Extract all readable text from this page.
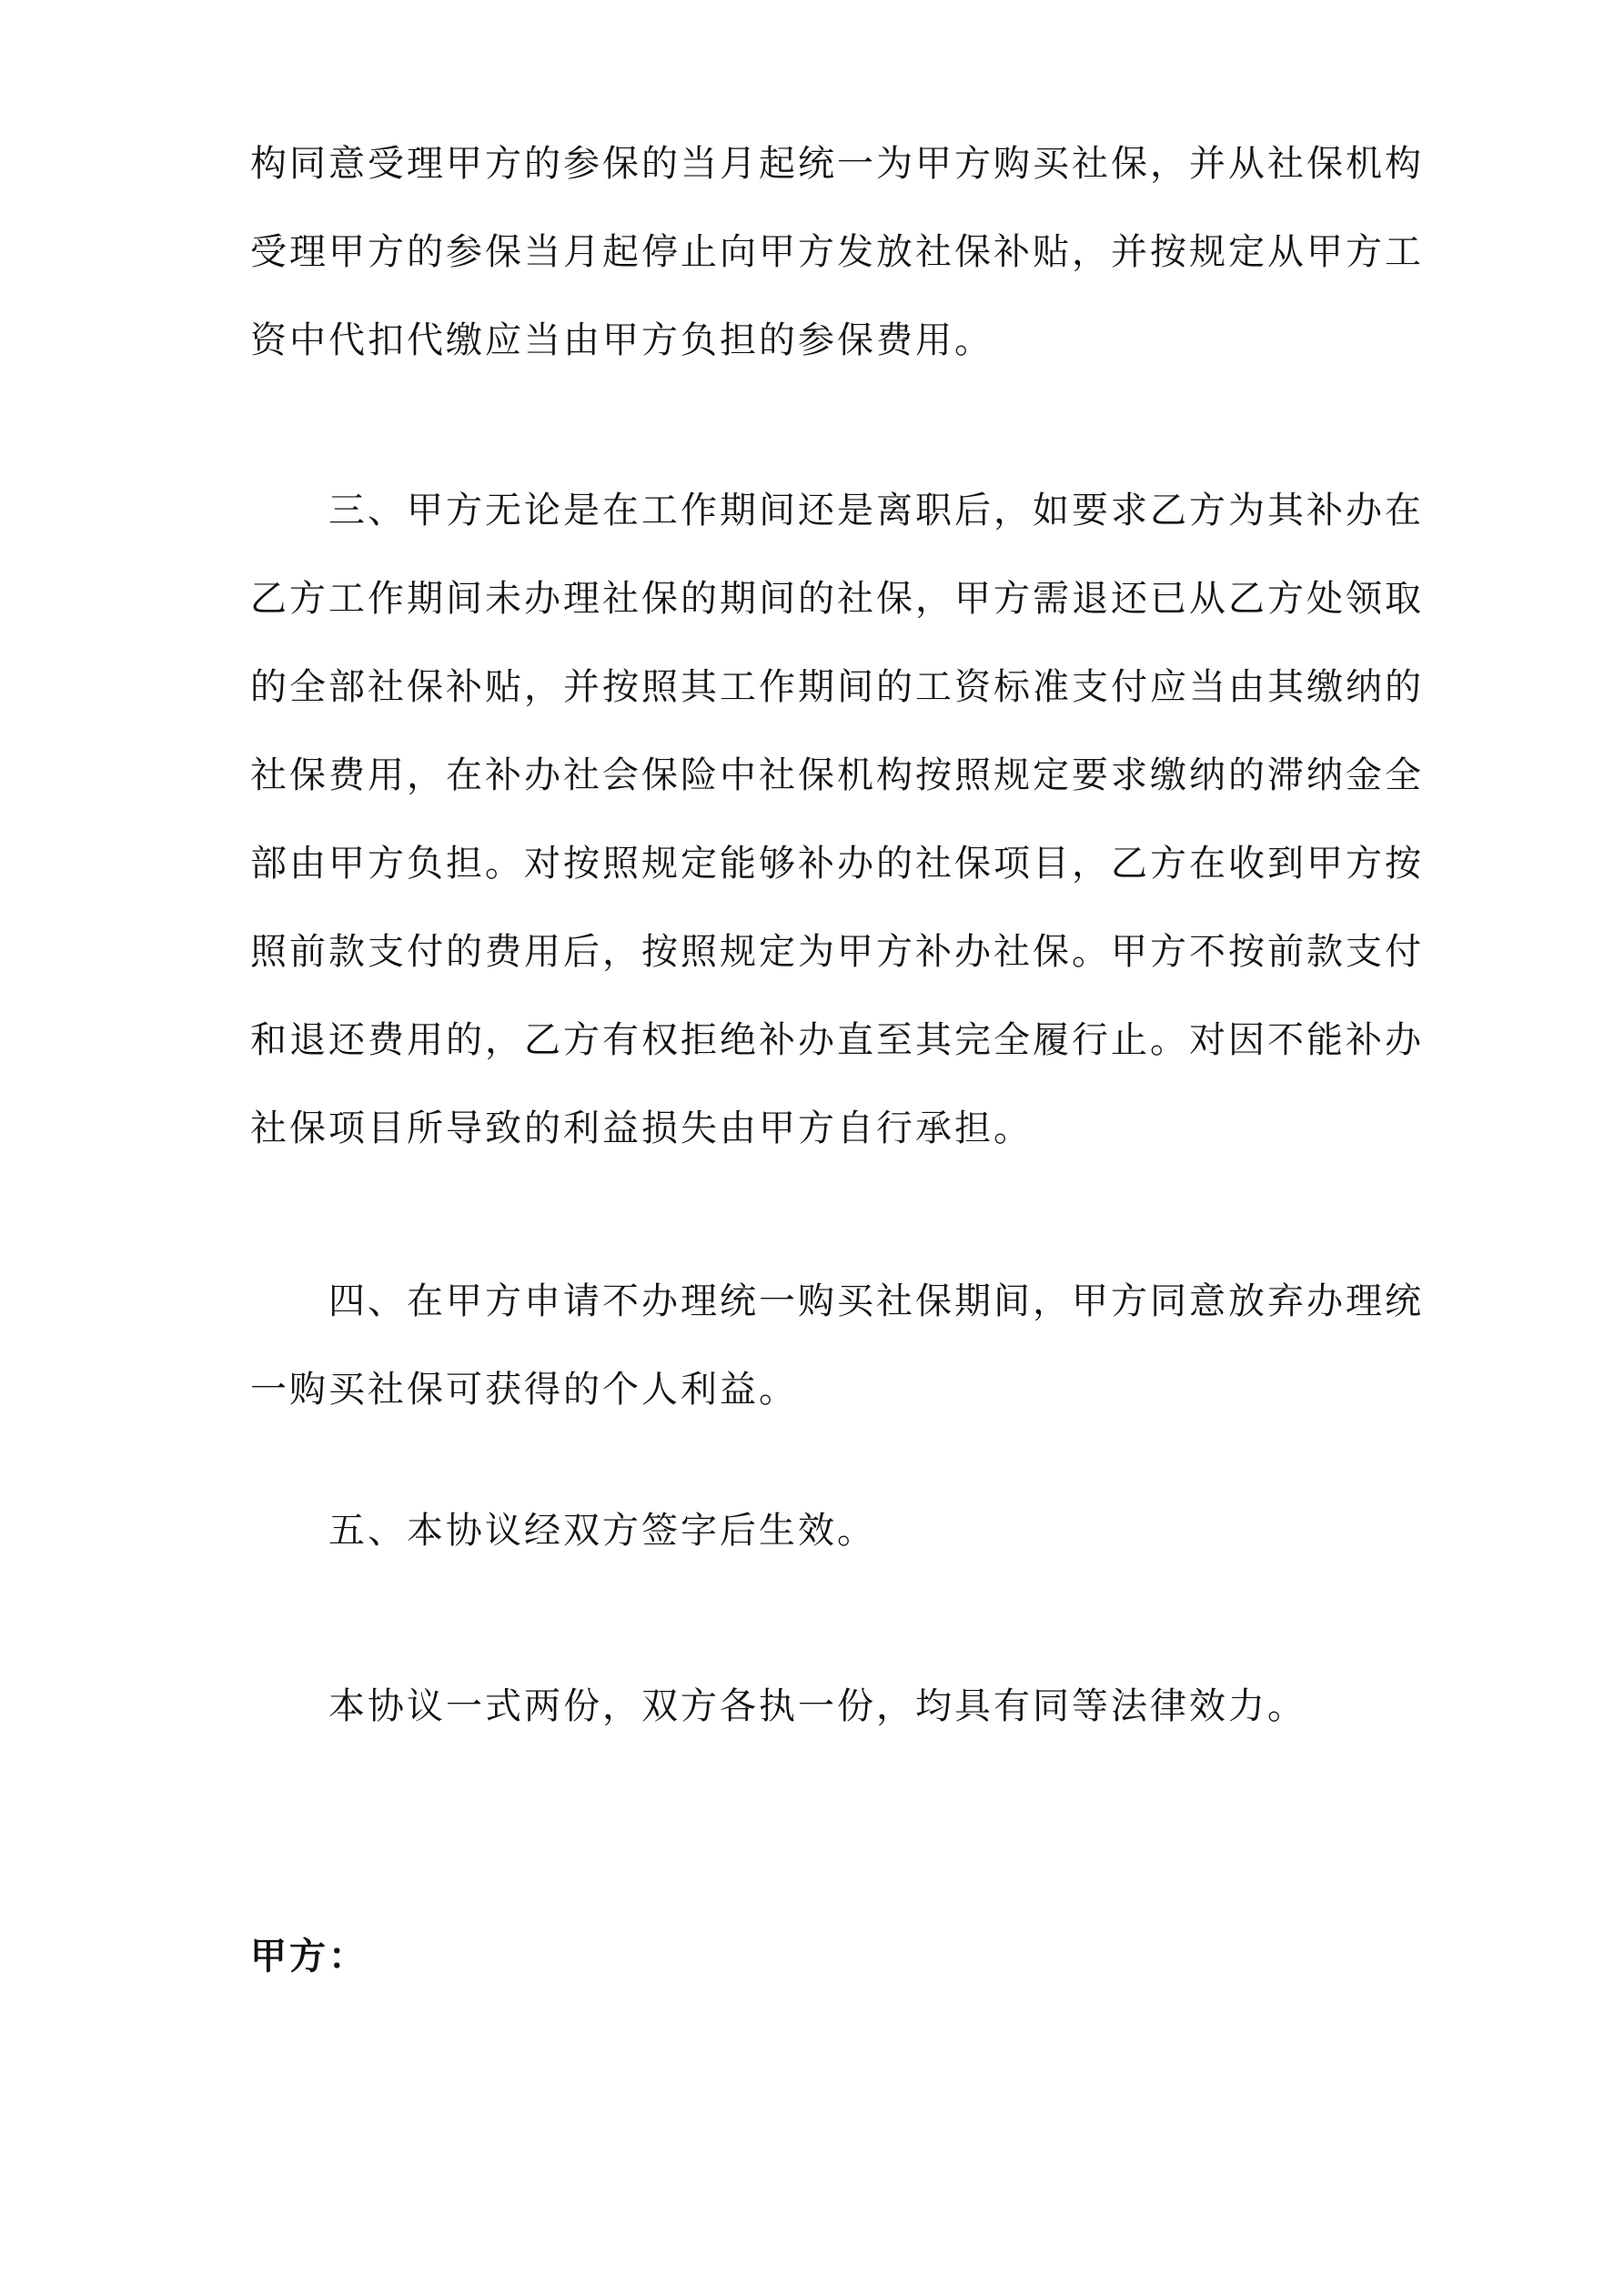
构同意受理甲方的参保的当月起统一为甲方购买社保，并从社保机构
受理甲方的参保当月起停止向甲方发放社保补贴，并按规定从甲方工
资中代扣代缴应当由甲方负担的参保费用。

三、甲方无论是在工作期间还是离职后，如要求乙方为其补办在
乙方工作期间未办理社保的期间的社保，甲方需退还已从乙方处领取
的全部社保补贴，并按照其工作期间的工资标准支付应当由其缴纳的
社保费用，在补办社会保险中社保机构按照规定要求缴纳的滞纳金全
部由甲方负担。对按照规定能够补办的社保项目，乙方在收到甲方按
照前款支付的费用后，按照规定为甲方补办社保。甲方不按前款支付
和退还费用的，乙方有权拒绝补办直至其完全履行止。对因不能补办
社保项目所导致的利益损失由甲方自行承担。

四、在甲方申请不办理统一购买社保期间，甲方同意放弃办理统
一购买社保可获得的个人利益。

五、本协议经双方签字后生效。

本协议一式两份，双方各执一份，均具有同等法律效力。

甲方：
